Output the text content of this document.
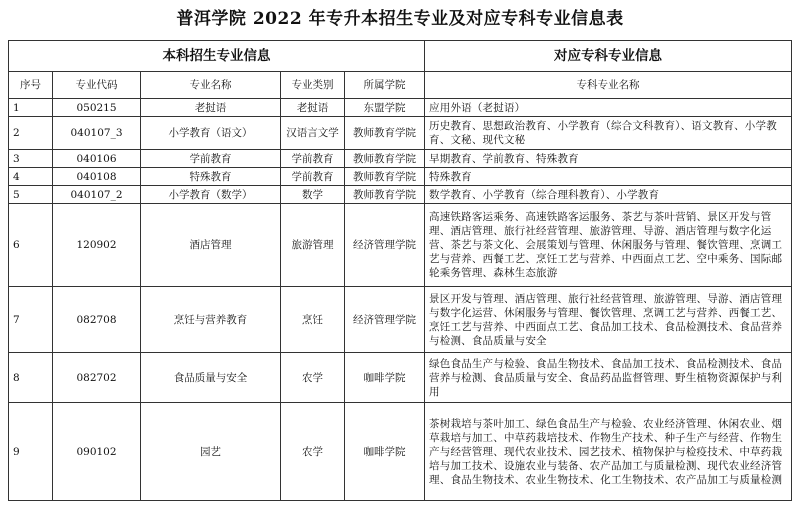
普洱学院 2022 年专升本招生专业及对应专科专业信息表
本科招生专业信息					对应专科专业信息
序号	专业代码	专业名称	专业类别	所属学院	专科专业名称
1	050215	老挝语	老挝语	东盟学院	应用外语（老挝语）
2	040107_3	小学教育（语文）	汉语言文学	教师教育学院	历史教育、思想政治教育、小学教育（综合文科教育）、语文教育、小学教育、文秘、现代文秘
3	040106	学前教育	学前教育	教师教育学院	早期教育、学前教育、特殊教育
4	040108	特殊教育	学前教育	教师教育学院	特殊教育
5	040107_2	小学教育（数学）	数学	教师教育学院	数学教育、小学教育（综合理科教育）、小学教育
6	120902	酒店管理	旅游管理	经济管理学院	高速铁路客运乘务、高速铁路客运服务、茶艺与茶叶营销、景区开发与管理、酒店管理、旅行社经营管理、旅游管理、导游、酒店管理与数字化运营、茶艺与茶文化、会展策划与管理、休闲服务与管理、餐饮管理、烹调工艺与营养、西餐工艺、烹饪工艺与营养、中西面点工艺、空中乘务、国际邮轮乘务管理、森林生态旅游
7	082708	烹饪与营养教育	烹饪	经济管理学院	景区开发与管理、酒店管理、旅行社经营管理、旅游管理、导游、酒店管理与数字化运营、休闲服务与管理、餐饮管理、烹调工艺与营养、西餐工艺、烹饪工艺与营养、中西面点工艺、食品加工技术、食品检测技术、食品营养与检测、食品质量与安全
8	082702	食品质量与安全	农学	咖啡学院	绿色食品生产与检验、食品生物技术、食品加工技术、食品检测技术、食品营养与检测、食品质量与安全、食品药品监督管理、野生植物资源保护与利用
9	090102	园艺	农学	咖啡学院	茶树栽培与茶叶加工、绿色食品生产与检验、农业经济管理、休闲农业、烟草栽培与加工、中草药栽培技术、作物生产技术、种子生产与经营、作物生产与经营管理、现代农业技术、园艺技术、植物保护与检疫技术、中草药栽培与加工技术、设施农业与装备、农产品加工与质量检测、现代农业经济管理、食品生物技术、农业生物技术、化工生物技术、农产品加工与质量检测
